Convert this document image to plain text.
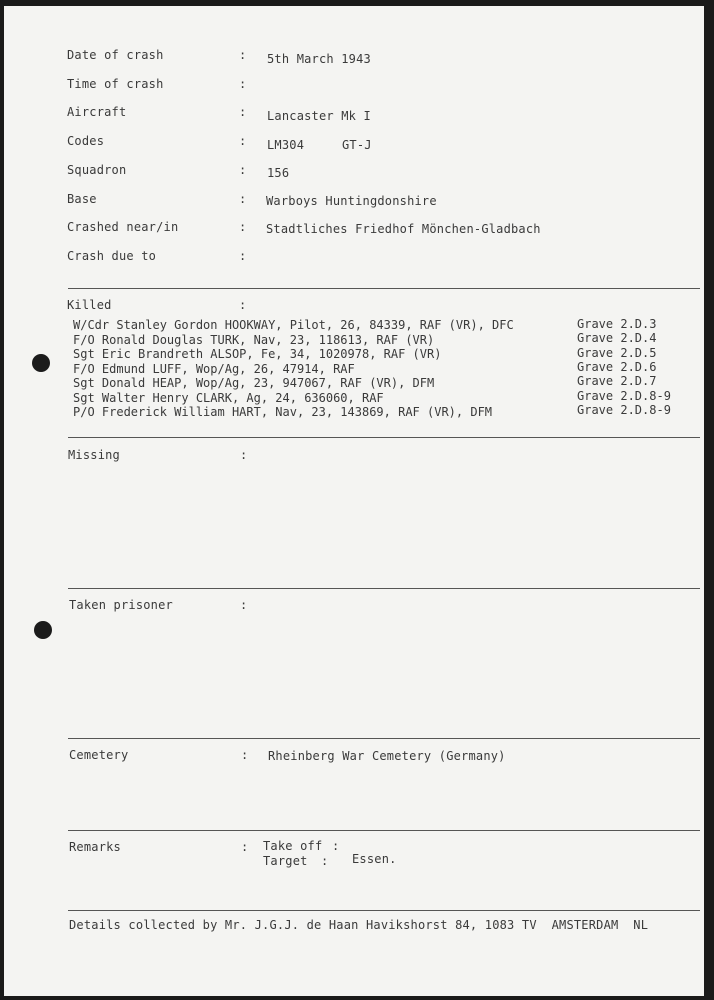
Date of crash	: 5th March 1943
Time of crash	:
Aircraft	: Lancaster Mk I
Codes	: LM304	GT-J
Squadron	: 156
Base	: Warboys Huntingdonshire
Crashed near/in	: Stadtliches Friedhof Mönchen-Gladbach
Crash due to	:
Killed	:
W/Cdr Stanley Gordon HOOKWAY, Pilot, 26, 84339, RAF (VR), DFC	Grave 2.D.3
F/O Ronald Douglas TURK, Nav, 23, 118613, RAF (VR)	Grave 2.D.4
Sgt Eric Brandreth ALSOP, Fe, 34, 1020978, RAF (VR)	Grave 2.D.5
F/O Edmund LUFF, Wop/Ag, 26, 47914, RAF	Grave 2.D.6
Sgt Donald HEAP, Wop/Ag, 23, 947067, RAF (VR), DFM	Grave 2.D.7
Sgt Walter Henry CLARK, Ag, 24, 636060, RAF	Grave 2.D.8-9
P/O Frederick William HART, Nav, 23, 143869, RAF (VR), DFM	Grave 2.D.8-9
Missing	:
Taken prisoner	:
Cemetery	: Rheinberg War Cemetery (Germany)
Remarks	: Take off :
Target : Essen.
Details collected by Mr. J.G.J. de Haan Havikshorst 84, 1083 TV  AMSTERDAM  NL
